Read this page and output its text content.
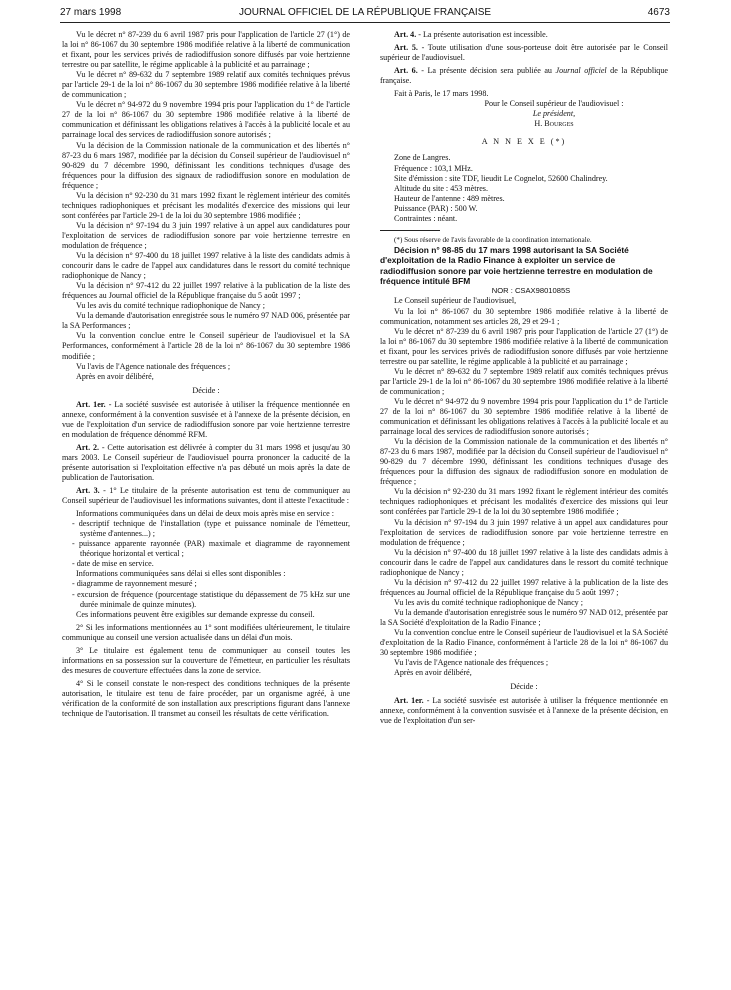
27 mars 1998	JOURNAL OFFICIEL DE LA RÉPUBLIQUE FRANÇAISE	4673

Vu le décret n° 87-239 du 6 avril 1987 pris pour l'application de l'article 27 (1°) de la loi n° 86-1067 du 30 septembre 1986 modifiée relative à la liberté de communication et fixant, pour les services privés de radiodiffusion sonore diffusés par voie hertzienne terrestre ou par satellite, le régime applicable à la publicité et au parrainage ;

Vu le décret n° 89-632 du 7 septembre 1989 relatif aux comités techniques prévus par l'article 29-1 de la loi n° 86-1067 du 30 septembre 1986 modifiée relative à la liberté de communication ;

Vu le décret n° 94-972 du 9 novembre 1994 pris pour l'application du 1° de l'article 27 de la loi n° 86-1067 du 30 septembre 1986 modifiée relative à la liberté de communication et définissant les obligations relatives à l'accès à la publicité locale et au parrainage local des services de radiodiffusion sonore autorisés ;

Vu la décision de la Commission nationale de la communication et des libertés n° 87-23 du 6 mars 1987, modifiée par la décision du Conseil supérieur de l'audiovisuel n° 90-829 du 7 décembre 1990, définissant les conditions techniques d'usage des fréquences pour la diffusion des signaux de radiodiffusion sonore en modulation de fréquence ;

Vu la décision n° 92-230 du 31 mars 1992 fixant le règlement intérieur des comités techniques radiophoniques et précisant les modalités d'exercice des missions qui leur sont conférées par l'article 29-1 de la loi du 30 septembre 1986 modifiée ;

Vu la décision n° 97-194 du 3 juin 1997 relative à un appel aux candidatures pour l'exploitation de services de radiodiffusion sonore par voie hertzienne terrestre en modulation de fréquence ;

Vu la décision n° 97-400 du 18 juillet 1997 relative à la liste des candidats admis à concourir dans le cadre de l'appel aux candidatures dans le ressort du comité technique radiophonique de Nancy ;

Vu la décision n° 97-412 du 22 juillet 1997 relative à la publication de la liste des fréquences au Journal officiel de la République française du 5 août 1997 ;

Vu les avis du comité technique radiophonique de Nancy ;

Vu la demande d'autorisation enregistrée sous le numéro 97 NAD 006, présentée par la SA Performances ;

Vu la convention conclue entre le Conseil supérieur de l'audiovisuel et la SA Performances, conformément à l'article 28 de la loi n° 86-1067 du 30 septembre 1986 modifiée ;

Vu l'avis de l'Agence nationale des fréquences ;

Après en avoir délibéré,

Décide :

Art. 1er. - La société susvisée est autorisée à utiliser la fréquence mentionnée en annexe, conformément à la convention susvisée et à l'annexe de la présente décision, en vue de l'exploitation d'un service de radiodiffusion sonore par voie hertzienne terrestre en modulation de fréquence dénommé RFM.

Art. 2. - Cette autorisation est délivrée à compter du 31 mars 1998 et jusqu'au 30 mars 2003. Le Conseil supérieur de l'audiovisuel pourra prononcer la caducité de la présente autorisation si l'exploitation effective n'a pas débuté un mois après la date de publication de l'autorisation.

Art. 3. - 1° Le titulaire de la présente autorisation est tenu de communiquer au Conseil supérieur de l'audiovisuel les informations suivantes, dont il atteste l'exactitude :

Informations communiquées dans un délai de deux mois après mise en service :

- descriptif technique de l'installation (type et puissance nominale de l'émetteur, système d'antennes...) ;
- puissance apparente rayonnée (PAR) maximale et diagramme de rayonnement théorique horizontal et vertical ;
- date de mise en service.

Informations communiquées sans délai si elles sont disponibles :

- diagramme de rayonnement mesuré ;
- excursion de fréquence (pourcentage statistique du dépassement de 75 kHz sur une durée minimale de quinze minutes).

Ces informations peuvent être exigibles sur demande expresse du conseil.

2° Si les informations mentionnées au 1° sont modifiées ultérieurement, le titulaire communique au conseil une version actualisée dans un délai d'un mois.

3° Le titulaire est également tenu de communiquer au conseil toutes les informations en sa possession sur la couverture de l'émetteur, en particulier les résultats des mesures de couverture effectuées dans la zone de service.

4° Si le conseil constate le non-respect des conditions techniques de la présente autorisation, le titulaire est tenu de faire procéder, par un organisme agréé, à une vérification de la conformité de son installation aux prescriptions figurant dans l'annexe technique de l'autorisation. Il transmet au conseil les résultats de cette vérification.

Art. 4. - La présente autorisation est incessible.

Art. 5. - Toute utilisation d'une sous-porteuse doit être autorisée par le Conseil supérieur de l'audiovisuel.

Art. 6. - La présente décision sera publiée au Journal officiel de la République française.

Fait à Paris, le 17 mars 1998.

Pour le Conseil supérieur de l'audiovisuel :

Le président,

H. Bourges

A N N E X E (*)

Zone de Langres.

Fréquence : 103,1 MHz.

Site d'émission : site TDF, lieudit Le Cognelot, 52600 Chalindrey.

Altitude du site : 453 mètres.

Hauteur de l'antenne : 489 mètres.

Puissance (PAR) : 500 W.

Contraintes : néant.

(*) Sous réserve de l'avis favorable de la coordination internationale.

Décision n° 98-85 du 17 mars 1998 autorisant la SA Société d'exploitation de la Radio Finance à exploiter un service de radiodiffusion sonore par voie hertzienne terrestre en modulation de fréquence intitulé BFM

NOR : CSAX9801085S

Le Conseil supérieur de l'audiovisuel,

Vu la loi n° 86-1067 du 30 septembre 1986 modifiée relative à la liberté de communication, notamment ses articles 28, 29 et 29-1 ;

Vu le décret n° 87-239 du 6 avril 1987 pris pour l'application de l'article 27 (1°) de la loi n° 86-1067 du 30 septembre 1986 modifiée relative à la liberté de communication et fixant, pour les services privés de radiodiffusion sonore diffusés par voie hertzienne terrestre ou par satellite, le régime applicable à la publicité et au parrainage ;

Vu le décret n° 89-632 du 7 septembre 1989 relatif aux comités techniques prévus par l'article 29-1 de la loi n° 86-1067 du 30 septembre 1986 modifiée relative à la liberté de communication ;

Vu le décret n° 94-972 du 9 novembre 1994 pris pour l'application du 1° de l'article 27 de la loi n° 86-1067 du 30 septembre 1986 modifiée relative à la liberté de communication et définissant les obligations relatives à l'accès à la publicité locale et au parrainage local des services de radiodiffusion sonore autorisés ;

Vu la décision de la Commission nationale de la communication et des libertés n° 87-23 du 6 mars 1987, modifiée par la décision du Conseil supérieur de l'audiovisuel n° 90-829 du 7 décembre 1990, définissant les conditions techniques d'usage des fréquences pour la diffusion des signaux de radiodiffusion sonore en modulation de fréquence ;

Vu la décision n° 92-230 du 31 mars 1992 fixant le règlement intérieur des comités techniques radiophoniques et précisant les modalités d'exercice des missions qui leur sont conférées par l'article 29-1 de la loi du 30 septembre 1986 modifiée ;

Vu la décision n° 97-194 du 3 juin 1997 relative à un appel aux candidatures pour l'exploitation de services de radiodiffusion sonore par voie hertzienne terrestre en modulation de fréquence ;

Vu la décision n° 97-400 du 18 juillet 1997 relative à la liste des candidats admis à concourir dans le cadre de l'appel aux candidatures dans le ressort du comité technique radiophonique de Nancy ;

Vu la décision n° 97-412 du 22 juillet 1997 relative à la publication de la liste des fréquences au Journal officiel de la République française du 5 août 1997 ;

Vu les avis du comité technique radiophonique de Nancy ;

Vu la demande d'autorisation enregistrée sous le numéro 97 NAD 012, présentée par la SA Société d'exploitation de la Radio Finance ;

Vu la convention conclue entre le Conseil supérieur de l'audiovisuel et la SA Société d'exploitation de la Radio Finance, conformément à l'article 28 de la loi n° 86-1067 du 30 septembre 1986 modifiée ;

Vu l'avis de l'Agence nationale des fréquences ;

Après en avoir délibéré,

Décide :

Art. 1er. - La société susvisée est autorisée à utiliser la fréquence mentionnée en annexe, conformément à la convention susvisée et à l'annexe de la présente décision, en vue de l'exploitation d'un ser-
